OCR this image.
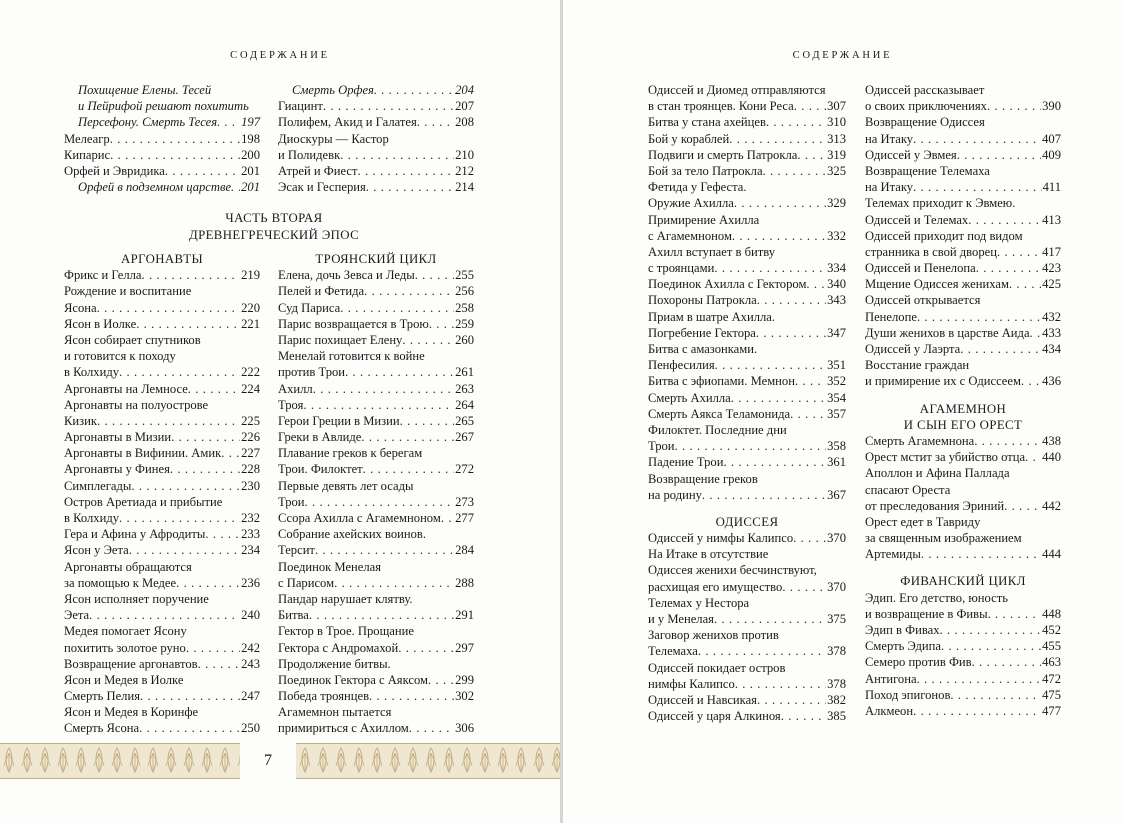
СОДЕРЖАНИЕ
Похищение Елены. Тесей
и Пейрифой решают похитить
Персефону. Смерть Тесея . . . 197
Мелеагр . . .	198
Кипарис . . .	200
Орфей и Эвридика . . .	201
Орфей в подземном царстве . . . 201
Смерть Орфея . . .	204
Гиацинт . . .	207
Полифем, Акид и Галатея . . .	208
Диоскуры — Кастор
и Полидевк . . .	210
Атрей и Фиест . . .	212
Эсак и Гесперия . . .	214
ЧАСТЬ ВТОРАЯ
ДРЕВНЕГРЕЧЕСКИЙ ЭПОС
АРГОНАВТЫ
Фрикс и Гелла . . .	219
Рождение и воспитание
Ясона . . .	220
Ясон в Иолке . . .	221
Ясон собирает спутников
и готовится к походу
в Колхиду . . .	222
Аргонавты на Лемносе . . .	224
Аргонавты на полуострове
Кизик . . .	225
Аргонавты в Мизии . . .	226
Аргонавты в Вифинии. Амик . . . 227
Аргонавты у Финея . . .	228
Симплегады . . .	230
Остров Аретиада и прибытие
в Колхиду . . .	232
Гера и Афина у Афродиты . . .	233
Ясон у Эета . . .	234
Аргонавты обращаются
за помощью к Медее . . .	236
Ясон исполняет поручение
Эета . . .	240
Медея помогает Ясону
похитить золотое руно . . .	242
Возвращение аргонавтов . . .	243
Ясон и Медея в Иолке
Смерть Пелия . . .	247
Ясон и Медея в Коринфе
Смерть Ясона . . .	250
ТРОЯНСКИЙ ЦИКЛ
Елена, дочь Зевса и Леды . . .	255
Пелей и Фетида . . .	256
Суд Париса . . .	258
Парис возвращается в Трою . . . 259
Парис похищает Елену . . .	260
Менелай готовится к войне
против Трои . . .	261
Ахилл . . .	263
Троя . . .	264
Герои Греции в Мизии . . .	265
Греки в Авлиде . . .	267
Плавание греков к берегам
Трои. Филоктет . . .	272
Первые девять лет осады
Трои . . .	273
Ссора Ахилла с Агамемноном . . . 277
Собрание ахейских воинов.
Терсит . . .	284
Поединок Менелая
с Парисом . . .	288
Пандар нарушает клятву.
Битва . . .	291
Гектор в Трое. Прощание
Гектора с Андромахой . . .	297
Продолжение битвы.
Поединок Гектора с Аяксом . . . 299
Победа троянцев . . .	302
Агамемнон пытается
примириться с Ахиллом . . .	306
7
СОДЕРЖАНИЕ
Одиссей и Диомед отправляются
в стан троянцев. Кони Реса . . .	307
Битва у стана ахейцев . . .	310
Бой у кораблей . . .	313
Подвиги и смерть Патрокла . . . 319
Бой за тело Патрокла . . .	325
Фетида у Гефеста.
Оружие Ахилла . . .	329
Примирение Ахилла
с Агамемноном . . .	332
Ахилл вступает в битву
с троянцами . . .	334
Поединок Ахилла с Гектором . . . 340
Похороны Патрокла . . .	343
Приам в шатре Ахилла.
Погребение Гектора . . .	347
Битва с амазонками.
Пенфесилия . . .	351
Битва с эфиопами. Мемнон . . .	352
Смерть Ахилла . . .	354
Смерть Аякса Теламонида . . .	357
Филоктет. Последние дни
Трои . . .	358
Падение Трои . . .	361
Возвращение греков
на родину . . .	367
ОДИССЕЯ
Одиссей у нимфы Калипсо . . .	370
На Итаке в отсутствие
Одиссея женихи бесчинствуют,
расхищая его имущество . . .	370
Телемах у Нестора
и у Менелая . . .	375
Заговор женихов против
Телемаха . . .	378
Одиссей покидает остров
нимфы Калипсо . . .	378
Одиссей и Навсикая . . .	382
Одиссей у царя Алкиноя . . .	385
Одиссей рассказывает
о своих приключениях . . .	390
Возвращение Одиссея
на Итаку . . .	407
Одиссей у Эвмея . . .	409
Возвращение Телемаха
на Итаку . . .	411
Телемах приходит к Эвмею.
Одиссей и Телемах . . .	413
Одиссей приходит под видом
странника в свой дворец . . .	417
Одиссей и Пенелопа . . .	423
Мщение Одиссея женихам . . .	425
Одиссей открывается
Пенелопе . . .	432
Души женихов в царстве Аида . . . 433
Одиссей у Лаэрта . . .	434
Восстание граждан
и примирение их с Одиссеем . . . 436
АГАМЕМНОН
И СЫН ЕГО ОРЕСТ
Смерть Агамемнона . . .	438
Орест мстит за убийство отца . . . 440
Аполлон и Афина Паллада
спасают Ореста
от преследования Эриний . . .	442
Орест едет в Тавриду
за священным изображением
Артемиды . . .	444
ФИВАНСКИЙ ЦИКЛ
Эдип. Его детство, юность
и возвращение в Фивы . . .	448
Эдип в Фивах . . .	452
Смерть Эдипа . . .	455
Семеро против Фив . . .	463
Антигона . . .	472
Поход эпигонов . . .	475
Алкмеон . . .	477
